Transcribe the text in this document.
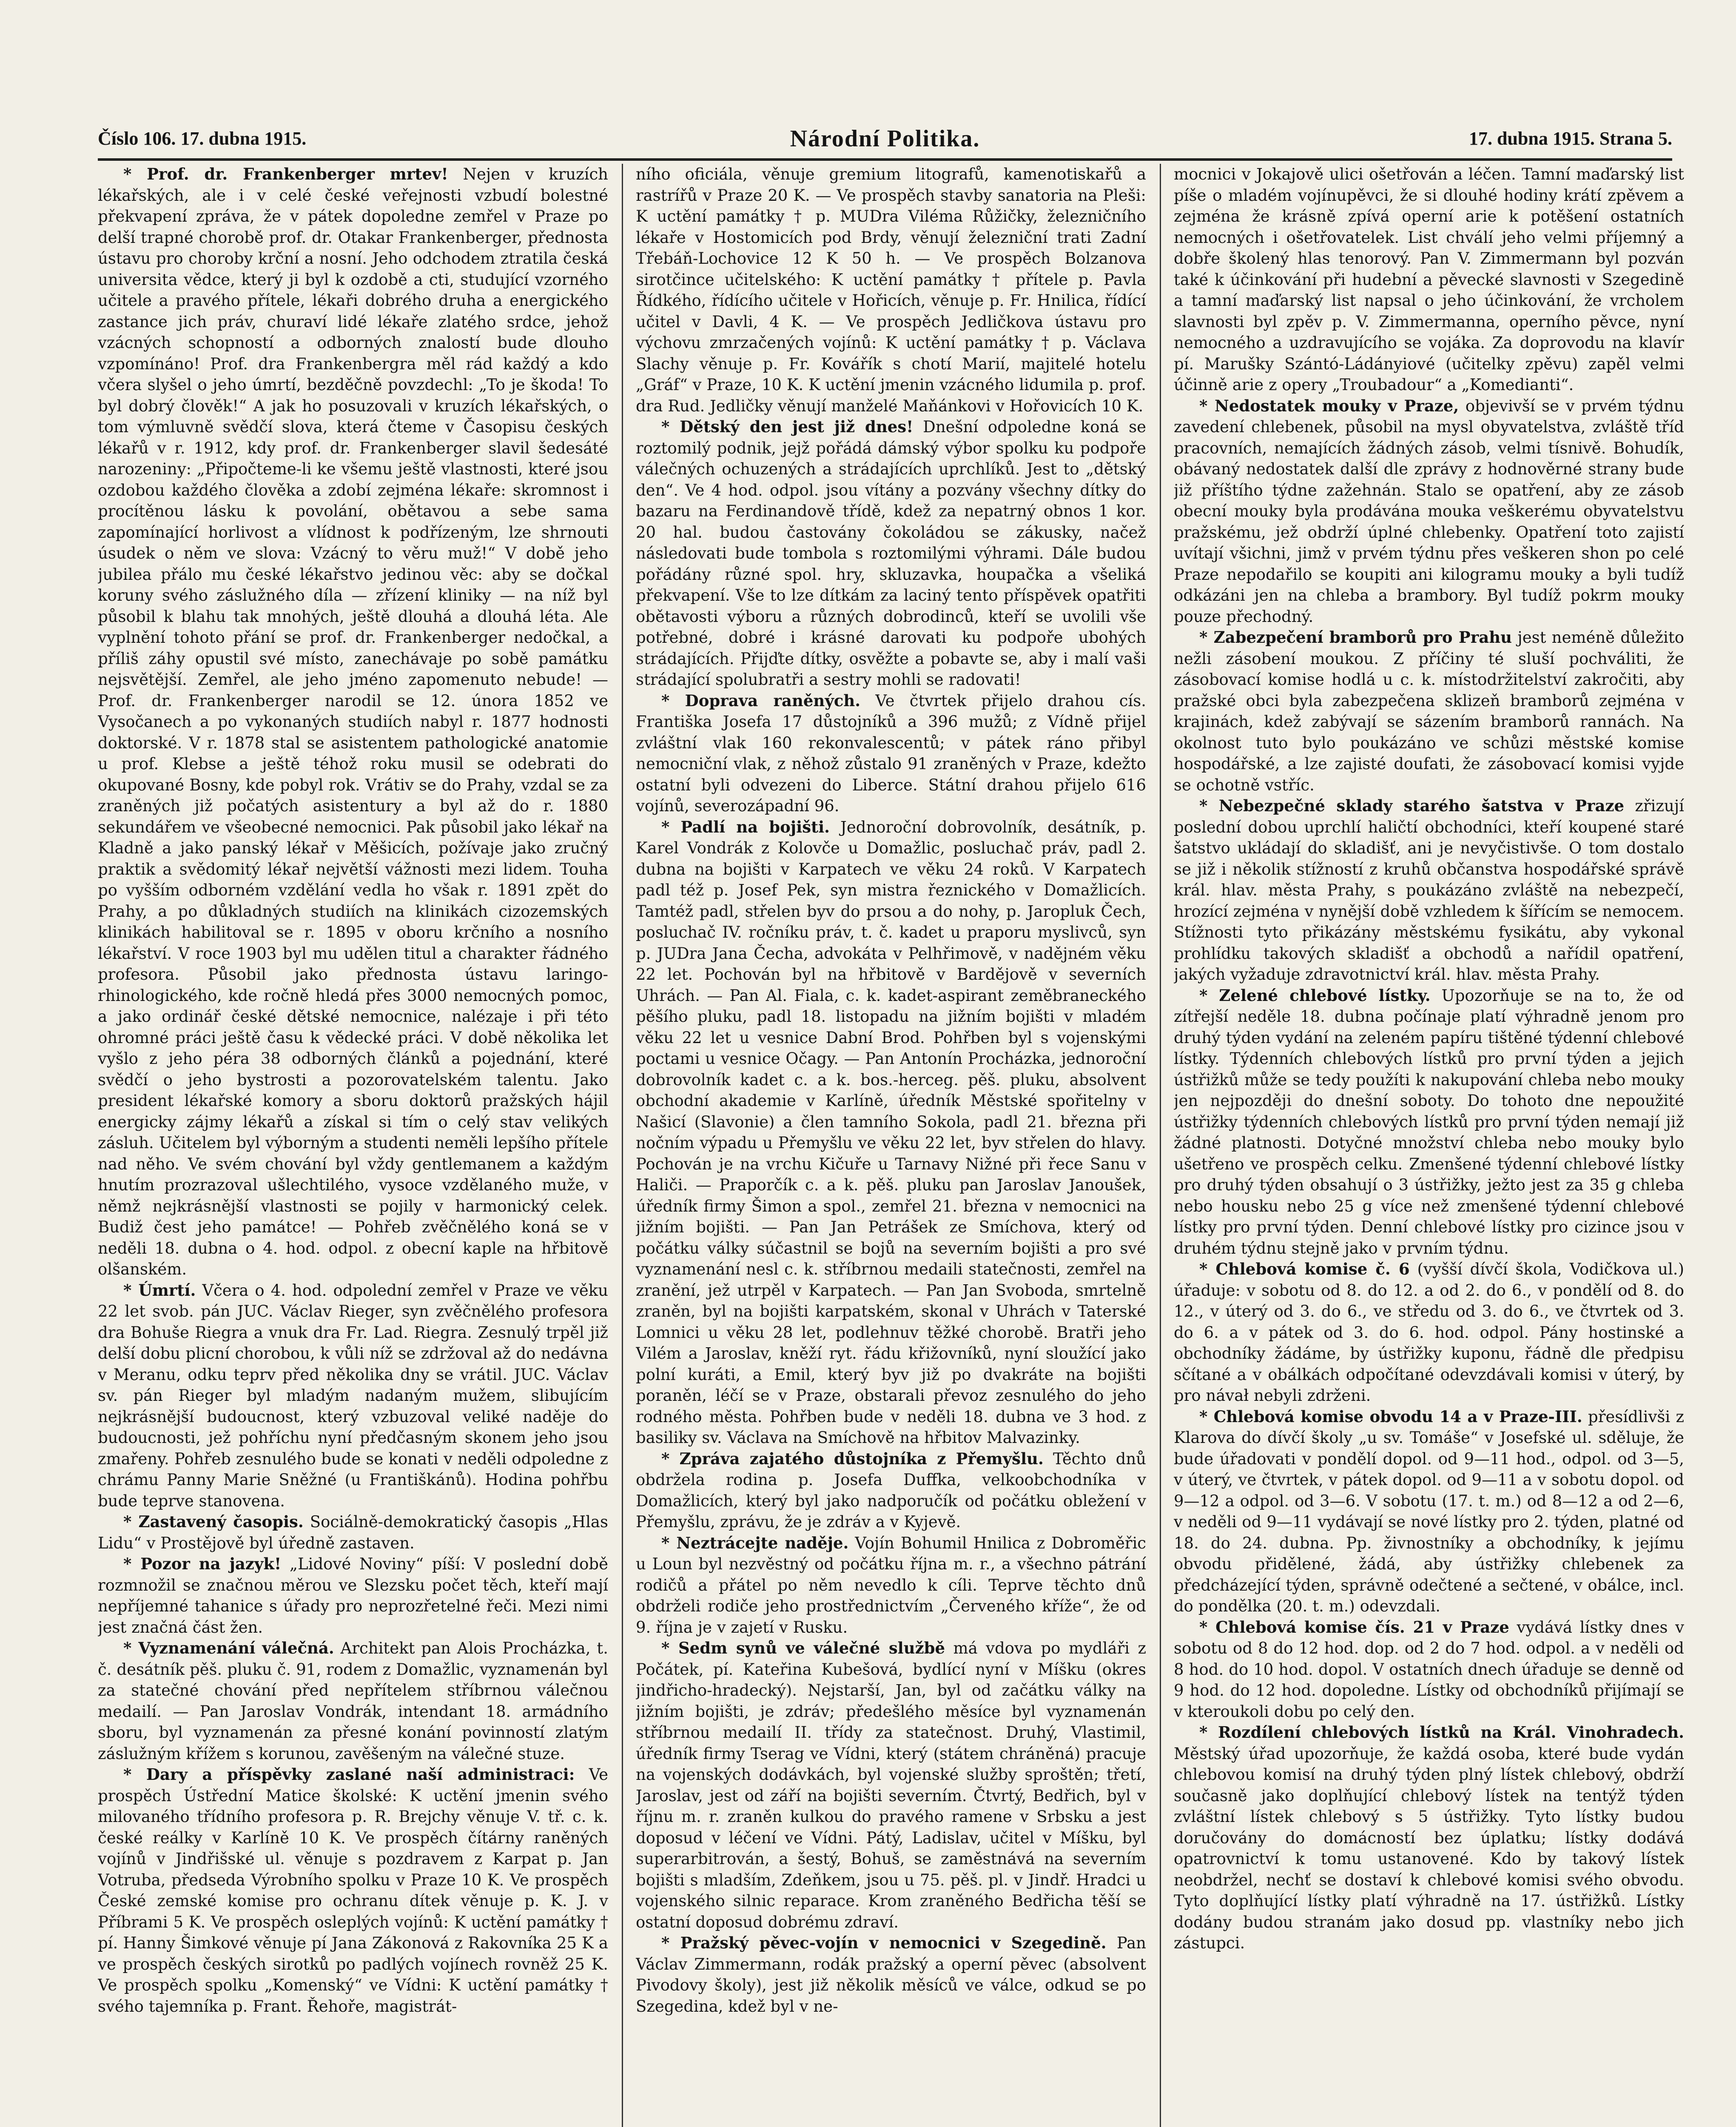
Číslo 106. 17. dubna 1915.	Národní Politika.	17. dubna 1915. Strana 5.

* Prof. dr. Frankenberger mrtev! Nejen v kruzích lékařských, ale i v celé české veřejnosti vzbudí bolestné překvapení zpráva, že v pátek dopoledne zemřel v Praze po delší trapné chorobě prof. dr. Otakar Frankenberger, přednosta ústavu pro choroby krční a nosní. Jeho odchodem ztratila česká universita vědce, který ji byl k ozdobě a cti, studující vzorného učitele a pravého přítele, lékaři dobrého druha a energického zastance jich práv, churaví lidé lékaře zlatého srdce, jehož vzácných schopností a odborných znalostí bude dlouho vzpomínáno! Prof. dra Frankenbergra měl rád každý a kdo včera slyšel o jeho úmrtí, bezděčně povzdechl: „To je škoda! To byl dobrý člověk!“ A jak ho posuzovali v kruzích lékařských, o tom výmluvně svědčí slova, která čteme v Časopisu českých lékařů v r. 1912, kdy prof. dr. Frankenberger slavil šedesáté narozeniny: „Připočteme-li ke všemu ještě vlastnosti, které jsou ozdobou každého člověka a zdobí zejména lékaře: skromnost i procítěnou lásku k povolání, obětavou a sebe sama zapomínající horlivost a vlídnost k podřízeným, lze shrnouti úsudek o něm ve slova: Vzácný to věru muž!“ V době jeho jubilea přálo mu české lékařstvo jedinou věc: aby se dočkal koruny svého záslužného díla — zřízení kliniky — na níž byl působil k blahu tak mnohých, ještě dlouhá a dlouhá léta. Ale vyplnění tohoto přání se prof. dr. Frankenberger nedočkal, a příliš záhy opustil své místo, zanechávaje po sobě památku nejsvětější. Zemřel, ale jeho jméno zapomenuto nebude! — Prof. dr. Frankenberger narodil se 12. února 1852 ve Vysočanech a po vykonaných studiích nabyl r. 1877 hodnosti doktorské. V r. 1878 stal se asistentem pathologické anatomie u prof. Klebse a ještě téhož roku musil se odebrati do okupované Bosny, kde pobyl rok. Vrátiv se do Prahy, vzdal se za zraněných již počatých asistentury a byl až do r. 1880 sekundářem ve všeobecné nemocnici. Pak působil jako lékař na Kladně a jako panský lékař v Měšicích, požívaje jako zručný praktik a svědomitý lékař největší vážnosti mezi lidem. Touha po vyšším odborném vzdělání vedla ho však r. 1891 zpět do Prahy, a po důkladných studiích na klinikách cizozemských klinikách habilitoval se r. 1895 v oboru krčního a nosního lékařství. V roce 1903 byl mu udělen titul a charakter řádného profesora. Působil jako přednosta ústavu laringo-rhinologického, kde ročně hledá přes 3000 nemocných pomoc, a jako ordinář české dětské nemocnice, nalézaje i při této ohromné práci ještě času k vědecké práci. V době několika let vyšlo z jeho péra 38 odborných článků a pojednání, které svědčí o jeho bystrosti a pozorovatelském talentu. Jako president lékařské komory a sboru doktorů pražských hájil energicky zájmy lékařů a získal si tím o celý stav velikých zásluh. Učitelem byl výborným a studenti neměli lepšího přítele nad něho. Ve svém chování byl vždy gentlemanem a každým hnutím prozrazoval ušlechtilého, vysoce vzdělaného muže, v němž nejkrásnější vlastnosti se pojily v harmonický celek. Budiž čest jeho památce! — Pohřeb zvěčnělého koná se v neděli 18. dubna o 4. hod. odpol. z obecní kaple na hřbitově olšanském.

* Úmrtí. Včera o 4. hod. odpolední zemřel v Praze ve věku 22 let svob. pán JUC. Václav Rieger, syn zvěčnělého profesora dra Bohuše Riegra a vnuk dra Fr. Lad. Riegra. Zesnulý trpěl již delší dobu plicní chorobou, k vůli níž se zdržoval až do nedávna v Meranu, odku teprv před několika dny se vrátil. JUC. Václav sv. pán Rieger byl mladým nadaným mužem, slibujícím nejkrásnější budoucnost, který vzbuzoval veliké naděje do budoucnosti, jež pohříchu nyní předčasným skonem jeho jsou zmařeny. Pohřeb zesnulého bude se konati v neděli odpoledne z chrámu Panny Marie Sněžné (u Františkánů). Hodina pohřbu bude teprve stanovena.

* Zastavený časopis. Sociálně-demokratický časopis „Hlas Lidu“ v Prostějově byl úředně zastaven.

* Pozor na jazyk! „Lidové Noviny“ píší: V poslední době rozmnožil se značnou měrou ve Slezsku počet těch, kteří mají nepříjemné tahanice s úřady pro neprozřetelné řeči. Mezi nimi jest značná část žen.

* Vyznamenání válečná. Architekt pan Alois Procházka, t. č. desátník pěš. pluku č. 91, rodem z Domažlic, vyznamenán byl za statečné chování před nepřítelem stříbrnou válečnou medailí. — Pan Jaroslav Vondrák, intendant 18. armádního sboru, byl vyznamenán za přesné konání povinností zlatým záslužným křížem s korunou, zavěšeným na válečné stuze.

* Dary a příspěvky zaslané naší administraci: Ve prospěch Ústřední Matice školské: K uctění jmenin svého milovaného třídního profesora p. R. Brejchy věnuje V. tř. c. k. české reálky v Karlíně 10 K. Ve prospěch čítárny raněných vojínů v Jindřišské ul. věnuje s pozdravem z Karpat p. Jan Votruba, předseda Výrobního spolku v Praze 10 K. Ve prospěch České zemské komise pro ochranu dítek věnuje p. K. J. v Příbrami 5 K. Ve prospěch osleplých vojínů: K uctění památky † pí. Hanny Šimkové věnuje pí Jana Zákonová z Rakovníka 25 K a ve prospěch českých sirotků po padlých vojínech rovněž 25 K. Ve prospěch spolku „Komenský“ ve Vídni: K uctění památky † svého tajemníka p. Frant. Řehoře, magistrát-

ního oficiála, věnuje gremium litografů, kamenotiskařů a rastrířů v Praze 20 K. — Ve prospěch stavby sanatoria na Pleši: K uctění památky † p. MUDra Viléma Růžičky, železničního lékaře v Hostomicích pod Brdy, věnují železniční trati Zadní Třebáň-Lochovice 12 K 50 h. — Ve prospěch Bolzanova sirotčince učitelského: K uctění památky † přítele p. Pavla Řídkého, řídícího učitele v Hořicích, věnuje p. Fr. Hnilica, řídící učitel v Davli, 4 K. — Ve prospěch Jedličkova ústavu pro výchovu zmrzačených vojínů: K uctění památky † p. Václava Slachy věnuje p. Fr. Kovářík s chotí Marií, majitelé hotelu „Gráf“ v Praze, 10 K. K uctění jmenin vzácného lidumila p. prof. dra Rud. Jedličky věnují manželé Maňánkovi v Hořovicích 10 K.

* Dětský den jest již dnes! Dnešní odpoledne koná se roztomilý podnik, jejž pořádá dámský výbor spolku ku podpoře válečných ochuzených a strádajících uprchlíků. Jest to „dětský den“. Ve 4 hod. odpol. jsou vítány a pozvány všechny dítky do bazaru na Ferdinandově třídě, kdež za nepatrný obnos 1 kor. 20 hal. budou častovány čokoládou se zákusky, načež následovati bude tombola s roztomilými výhrami. Dále budou pořádány různé spol. hry, skluzavka, houpačka a všeliká překvapení. Vše to lze dítkám za laciný tento příspěvek opatřiti obětavosti výboru a různých dobrodinců, kteří se uvolili vše potřebné, dobré i krásné darovati ku podpoře ubohých strádajících. Přijďte dítky, osvěžte a pobavte se, aby i malí vaši strádající spolubratři a sestry mohli se radovati!

* Doprava raněných. Ve čtvrtek přijelo drahou cís. Františka Josefa 17 důstojníků a 396 mužů; z Vídně přijel zvláštní vlak 160 rekonvalescentů; v pátek ráno přibyl nemocniční vlak, z něhož zůstalo 91 zraněných v Praze, kdežto ostatní byli odvezeni do Liberce. Státní drahou přijelo 616 vojínů, severozápadní 96.

* Padlí na bojišti. Jednoroční dobrovolník, desátník, p. Karel Vondrák z Kolovče u Domažlic, posluchač práv, padl 2. dubna na bojišti v Karpatech ve věku 24 roků. V Karpatech padl též p. Josef Pek, syn mistra řeznického v Domažlicích. Tamtéž padl, střelen byv do prsou a do nohy, p. Jaropluk Čech, posluchač IV. ročníku práv, t. č. kadet u praporu myslivců, syn p. JUDra Jana Čecha, advokáta v Pelhřimově, v nadějném věku 22 let. Pochován byl na hřbitově v Bardějově v severních Uhrách. — Pan Al. Fiala, c. k. kadet-aspirant zeměbraneckého pěšího pluku, padl 18. listopadu na jižním bojišti v mladém věku 22 let u vesnice Dabní Brod. Pohřben byl s vojenskými poctami u vesnice Očagy. — Pan Antonín Procházka, jednoroční dobrovolník kadet c. a k. bos.-herceg. pěš. pluku, absolvent obchodní akademie v Karlíně, úředník Městské spořitelny v Našicí (Slavonie) a člen tamního Sokola, padl 21. března při nočním výpadu u Přemyšlu ve věku 22 let, byv střelen do hlavy. Pochován je na vrchu Kičuře u Tarnavy Nižné při řece Sanu v Haliči. — Praporčík c. a k. pěš. pluku pan Jaroslav Janoušek, úředník firmy Šimon a spol., zemřel 21. března v nemocnici na jižním bojišti. — Pan Jan Petrášek ze Smíchova, který od počátku války súčastnil se bojů na severním bojišti a pro své vyznamenání nesl c. k. stříbrnou medaili statečnosti, zemřel na zranění, jež utrpěl v Karpatech. — Pan Jan Svoboda, smrtelně zraněn, byl na bojišti karpatském, skonal v Uhrách v Taterské Lomnici u věku 28 let, podlehnuv těžké chorobě. Bratři jeho Vilém a Jaroslav, kněží ryt. řádu křižovníků, nyní sloužící jako polní kuráti, a Emil, který byv již po dvakráte na bojišti poraněn, léčí se v Praze, obstarali převoz zesnulého do jeho rodného města. Pohřben bude v neděli 18. dubna ve 3 hod. z basiliky sv. Václava na Smíchově na hřbitov Malvazinky.

* Zpráva zajatého důstojníka z Přemyšlu. Těchto dnů obdržela rodina p. Josefa Duffka, velkoobchodníka v Domažlicích, který byl jako nadporučík od počátku obležení v Přemyšlu, zprávu, že je zdráv a v Kyjevě.

* Neztrácejte naděje. Vojín Bohumil Hnilica z Dobroměřic u Loun byl nezvěstný od počátku října m. r., a všechno pátrání rodičů a přátel po něm nevedlo k cíli. Teprve těchto dnů obdrželi rodiče jeho prostřednictvím „Červeného kříže“, že od 9. října je v zajetí v Rusku.

* Sedm synů ve válečné službě má vdova po mydláři z Počátek, pí. Kateřina Kubešová, bydlící nyní v Míšku (okres jindřicho-hradecký). Nejstarší, Jan, byl od začátku války na jižním bojišti, je zdráv; předešlého měsíce byl vyznamenán stříbrnou medailí II. třídy za statečnost. Druhý, Vlastimil, úředník firmy Tserag ve Vídni, který (státem chráněná) pracuje na vojenských dodávkách, byl vojenské služby sproštěn; třetí, Jaroslav, jest od září na bojišti severním. Čtvrtý, Bedřich, byl v říjnu m. r. zraněn kulkou do pravého ramene v Srbsku a jest doposud v léčení ve Vídni. Pátý, Ladislav, učitel v Míšku, byl superarbitrován, a šestý, Bohuš, se zaměstnává na severním bojišti s mladším, Zdeňkem, jsou u 75. pěš. pl. v Jindř. Hradci u vojenského silnic reparace. Krom zraněného Bedřicha těší se ostatní doposud dobrému zdraví.

* Pražský pěvec-vojín v nemocnici v Szegedině. Pan Václav Zimmermann, rodák pražský a operní pěvec (absolvent Pivodovy školy), jest již několik měsíců ve válce, odkud se po Szegedina, kdež byl v ne-

mocnici v Jokajově ulici ošetřován a léčen. Tamní maďarský list píše o mladém vojínupěvci, že si dlouhé hodiny krátí zpěvem a zejména že krásně zpívá operní arie k potěšení ostatních nemocných i ošetřovatelek. List chválí jeho velmi příjemný a dobře školený hlas tenorový. Pan V. Zimmermann byl pozván také k účinkování při hudební a pěvecké slavnosti v Szegedině a tamní maďarský list napsal o jeho účinkování, že vrcholem slavnosti byl zpěv p. V. Zimmermanna, operního pěvce, nyní nemocného a uzdravujícího se vojáka. Za doprovodu na klavír pí. Marušky Szántó-Ládányiové (učitelky zpěvu) zapěl velmi účinně arie z opery „Troubadour“ a „Komedianti“.

* Nedostatek mouky v Praze, objevivší se v prvém týdnu zavedení chlebenek, působil na mysl obyvatelstva, zvláště tříd pracovních, nemajících žádných zásob, velmi tísnivě. Bohudík, obávaný nedostatek další dle zprávy z hodnověrné strany bude již příštího týdne zažehnán. Stalo se opatření, aby ze zásob obecní mouky byla prodávána mouka veškerému obyvatelstvu pražskému, jež obdrží úplné chlebenky. Opatření toto zajistí uvítají všichni, jimž v prvém týdnu přes veškeren shon po celé Praze nepodařilo se koupiti ani kilogramu mouky a byli tudíž odkázáni jen na chleba a brambory. Byl tudíž pokrm mouky pouze přechodný.

* Zabezpečení bramborů pro Prahu jest neméně důležito nežli zásobení moukou. Z příčiny té sluší pochváliti, že zásobovací komise hodlá u c. k. místodržitelství zakročiti, aby pražské obci byla zabezpečena sklizeň bramborů zejména v krajinách, kdež zabývají se sázením bramborů rannách. Na okolnost tuto bylo poukázáno ve schůzi městské komise hospodářské, a lze zajisté doufati, že zásobovací komisi vyjde se ochotně vstříc.

* Nebezpečné sklady starého šatstva v Praze zřizují poslední dobou uprchlí haličtí obchodníci, kteří koupené staré šatstvo ukládají do skladišť, ani je nevyčistivše. O tom dostalo se již i několik stížností z kruhů občanstva hospodářské správě král. hlav. města Prahy, s poukázáno zvláště na nebezpečí, hrozící zejména v nynější době vzhledem k šířícím se nemocem. Stížnosti tyto přikázány městskému fysikátu, aby vykonal prohlídku takových skladišť a obchodů a nařídil opatření, jakých vyžaduje zdravotnictví král. hlav. města Prahy.

* Zelené chlebové lístky. Upozorňuje se na to, že od zítřejší neděle 18. dubna počínaje platí výhradně jenom pro druhý týden vydání na zeleném papíru tištěné týdenní chlebové lístky. Týdenních chlebových lístků pro první týden a jejich ústřižků může se tedy použíti k nakupování chleba nebo mouky jen nejpozději do dnešní soboty. Do tohoto dne nepoužité ústřižky týdenních chlebových lístků pro první týden nemají již žádné platnosti. Dotyčné množství chleba nebo mouky bylo ušetřeno ve prospěch celku. Zmenšené týdenní chlebové lístky pro druhý týden obsahují o 3 ústřižky, ježto jest za 35 g chleba nebo housku nebo 25 g více než zmenšené týdenní chlebové lístky pro první týden. Denní chlebové lístky pro cizince jsou v druhém týdnu stejně jako v prvním týdnu.

* Chlebová komise č. 6 (vyšší dívčí škola, Vodičkova ul.) úřaduje: v sobotu od 8. do 12. a od 2. do 6., v pondělí od 8. do 12., v úterý od 3. do 6., ve středu od 3. do 6., ve čtvrtek od 3. do 6. a v pátek od 3. do 6. hod. odpol. Pány hostinské a obchodníky žádáme, by ústřižky kuponu, řádně dle předpisu sčítané a v obálkách odpočítané odevzdávali komisi v úterý, by pro návał nebyli zdrženi.

* Chlebová komise obvodu 14 a v Praze-III. přesídlivši z Klarova do dívčí školy „u sv. Tomáše“ v Josefské ul. sděluje, že bude úřadovati v pondělí dopol. od 9—11 hod., odpol. od 3—5, v úterý, ve čtvrtek, v pátek dopol. od 9—11 a v sobotu dopol. od 9—12 a odpol. od 3—6. V sobotu (17. t. m.) od 8—12 a od 2—6, v neděli od 9—11 vydávají se nové lístky pro 2. týden, platné od 18. do 24. dubna. Pp. živnostníky a obchodníky, k jejímu obvodu přidělené, žádá, aby ústřižky chlebenek za předcházející týden, správně odečtené a sečtené, v obálce, incl. do pondělka (20. t. m.) odevzdali.

* Chlebová komise čís. 21 v Praze vydává lístky dnes v sobotu od 8 do 12 hod. dop. od 2 do 7 hod. odpol. a v neděli od 8 hod. do 10 hod. dopol. V ostatních dnech úřaduje se denně od 9 hod. do 12 hod. dopoledne. Lístky od obchodníků přijímají se v kteroukoli dobu po celý den.

* Rozdílení chlebových lístků na Král. Vinohradech. Městský úřad upozorňuje, že každá osoba, které bude vydán chlebovou komisí na druhý týden plný lístek chlebový, obdrží současně jako doplňující chlebový lístek na tentýž týden zvláštní lístek chlebový s 5 ústřižky. Tyto lístky budou doručovány do domácností bez úplatku; lístky dodává opatrovnictví k tomu ustanovené. Kdo by takový lístek neobdržel, nechť se dostaví k chlebové komisi svého obvodu. Tyto doplňující lístky platí výhradně na 17. ústřižků. Lístky dodány budou stranám jako dosud pp. vlastníky nebo jich zástupci.
